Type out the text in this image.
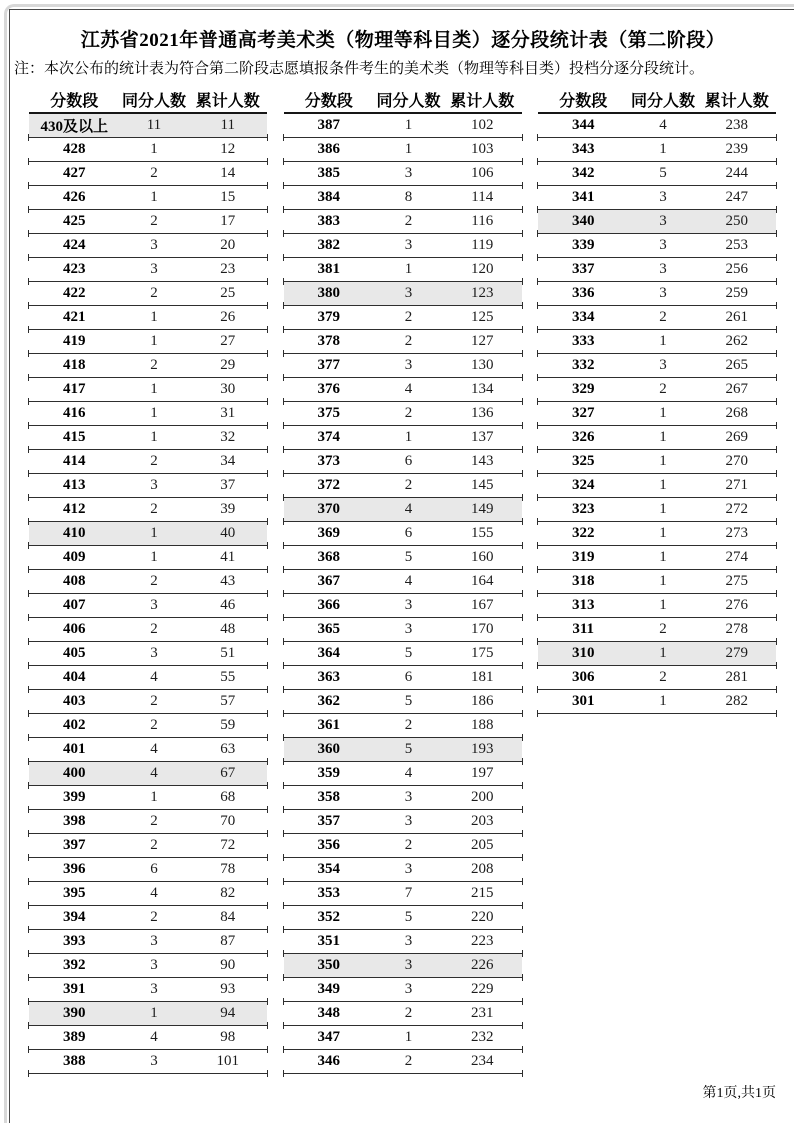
江苏省2021年普通高考美术类（物理等科目类）逐分段统计表（第二阶段）

注：本次公布的统计表为符合第二阶段志愿填报条件考生的美术类（物理等科目类）投档分逐分段统计。

分数段	同分人数	累计人数
430及以上	11	11
428	1	12
427	2	14
426	1	15
425	2	17
424	3	20
423	3	23
422	2	25
421	1	26
419	1	27
418	2	29
417	1	30
416	1	31
415	1	32
414	2	34
413	3	37
412	2	39
410	1	40
409	1	41
408	2	43
407	3	46
406	2	48
405	3	51
404	4	55
403	2	57
402	2	59
401	4	63
400	4	67
399	1	68
398	2	70
397	2	72
396	6	78
395	4	82
394	2	84
393	3	87
392	3	90
391	3	93
390	1	94
389	4	98
388	3	101
分数段	同分人数	累计人数
387	1	102
386	1	103
385	3	106
384	8	114
383	2	116
382	3	119
381	1	120
380	3	123
379	2	125
378	2	127
377	3	130
376	4	134
375	2	136
374	1	137
373	6	143
372	2	145
370	4	149
369	6	155
368	5	160
367	4	164
366	3	167
365	3	170
364	5	175
363	6	181
362	5	186
361	2	188
360	5	193
359	4	197
358	3	200
357	3	203
356	2	205
354	3	208
353	7	215
352	5	220
351	3	223
350	3	226
349	3	229
348	2	231
347	1	232
346	2	234
分数段	同分人数	累计人数
344	4	238
343	1	239
342	5	244
341	3	247
340	3	250
339	3	253
337	3	256
336	3	259
334	2	261
333	1	262
332	3	265
329	2	267
327	1	268
326	1	269
325	1	270
324	1	271
323	1	272
322	1	273
319	1	274
318	1	275
313	1	276
311	2	278
310	1	279
306	2	281
301	1	282
第1页,共1页
